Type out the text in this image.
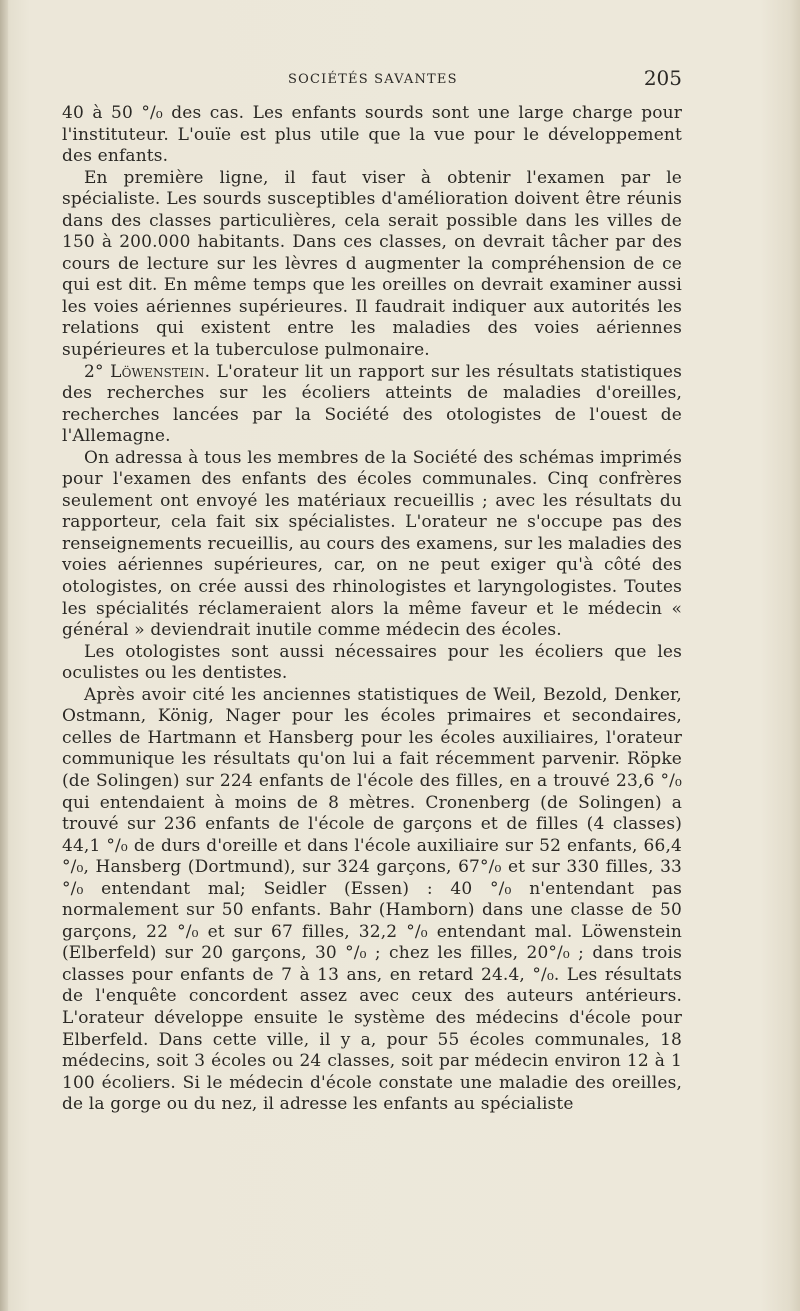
SOCIÉTÉS SAVANTES	205

40 à 50 °/₀ des cas. Les enfants sourds sont une large charge pour l'instituteur. L'ouïe est plus utile que la vue pour le développement des enfants.

En première ligne, il faut viser à obtenir l'examen par le spécialiste. Les sourds susceptibles d'amélioration doivent être réunis dans des classes particulières, cela serait possible dans les villes de 150 à 200.000 habitants. Dans ces classes, on devrait tâcher par des cours de lecture sur les lèvres d augmenter la compréhension de ce qui est dit. En même temps que les oreilles on devrait examiner aussi les voies aériennes supérieures. Il faudrait indiquer aux autorités les relations qui existent entre les maladies des voies aériennes supérieures et la tuberculose pulmonaire.

2° Löwenstein. L'orateur lit un rapport sur les résultats statistiques des recherches sur les écoliers atteints de maladies d'oreilles, recherches lancées par la Société des otologistes de l'ouest de l'Allemagne.

On adressa à tous les membres de la Société des schémas imprimés pour l'examen des enfants des écoles communales. Cinq confrères seulement ont envoyé les matériaux recueillis ; avec les résultats du rapporteur, cela fait six spécialistes. L'orateur ne s'occupe pas des renseignements recueillis, au cours des examens, sur les maladies des voies aériennes supérieures, car, on ne peut exiger qu'à côté des otologistes, on crée aussi des rhinologistes et laryngologistes. Toutes les spécialités réclameraient alors la même faveur et le médecin « général » deviendrait inutile comme médecin des écoles.

Les otologistes sont aussi nécessaires pour les écoliers que les oculistes ou les dentistes.

Après avoir cité les anciennes statistiques de Weil, Bezold, Denker, Ostmann, König, Nager pour les écoles primaires et secondaires, celles de Hartmann et Hansberg pour les écoles auxiliaires, l'orateur communique les résultats qu'on lui a fait récemment parvenir. Röpke (de Solingen) sur 224 enfants de l'école des filles, en a trouvé 23,6 °/₀ qui entendaient à moins de 8 mètres. Cronenberg (de Solingen) a trouvé sur 236 enfants de l'école de garçons et de filles (4 classes) 44,1 °/₀ de durs d'oreille et dans l'école auxiliaire sur 52 enfants, 66,4 °/₀, Hansberg (Dortmund), sur 324 garçons, 67°/₀ et sur 330 filles, 33 °/₀ entendant mal; Seidler (Essen) : 40 °/₀ n'entendant pas normalement sur 50 enfants. Bahr (Hamborn) dans une classe de 50 garçons, 22 °/₀ et sur 67 filles, 32,2 °/₀ entendant mal. Löwenstein (Elberfeld) sur 20 garçons, 30 °/₀ ; chez les filles, 20°/₀ ; dans trois classes pour enfants de 7 à 13 ans, en retard 24.4, °/₀. Les résultats de l'enquête concordent assez avec ceux des auteurs antérieurs. L'orateur développe ensuite le système des médecins d'école pour Elberfeld. Dans cette ville, il y a, pour 55 écoles communales, 18 médecins, soit 3 écoles ou 24 classes, soit par médecin environ 12 à 1 100 écoliers. Si le médecin d'école constate une maladie des oreilles, de la gorge ou du nez, il adresse les enfants au spécialiste
